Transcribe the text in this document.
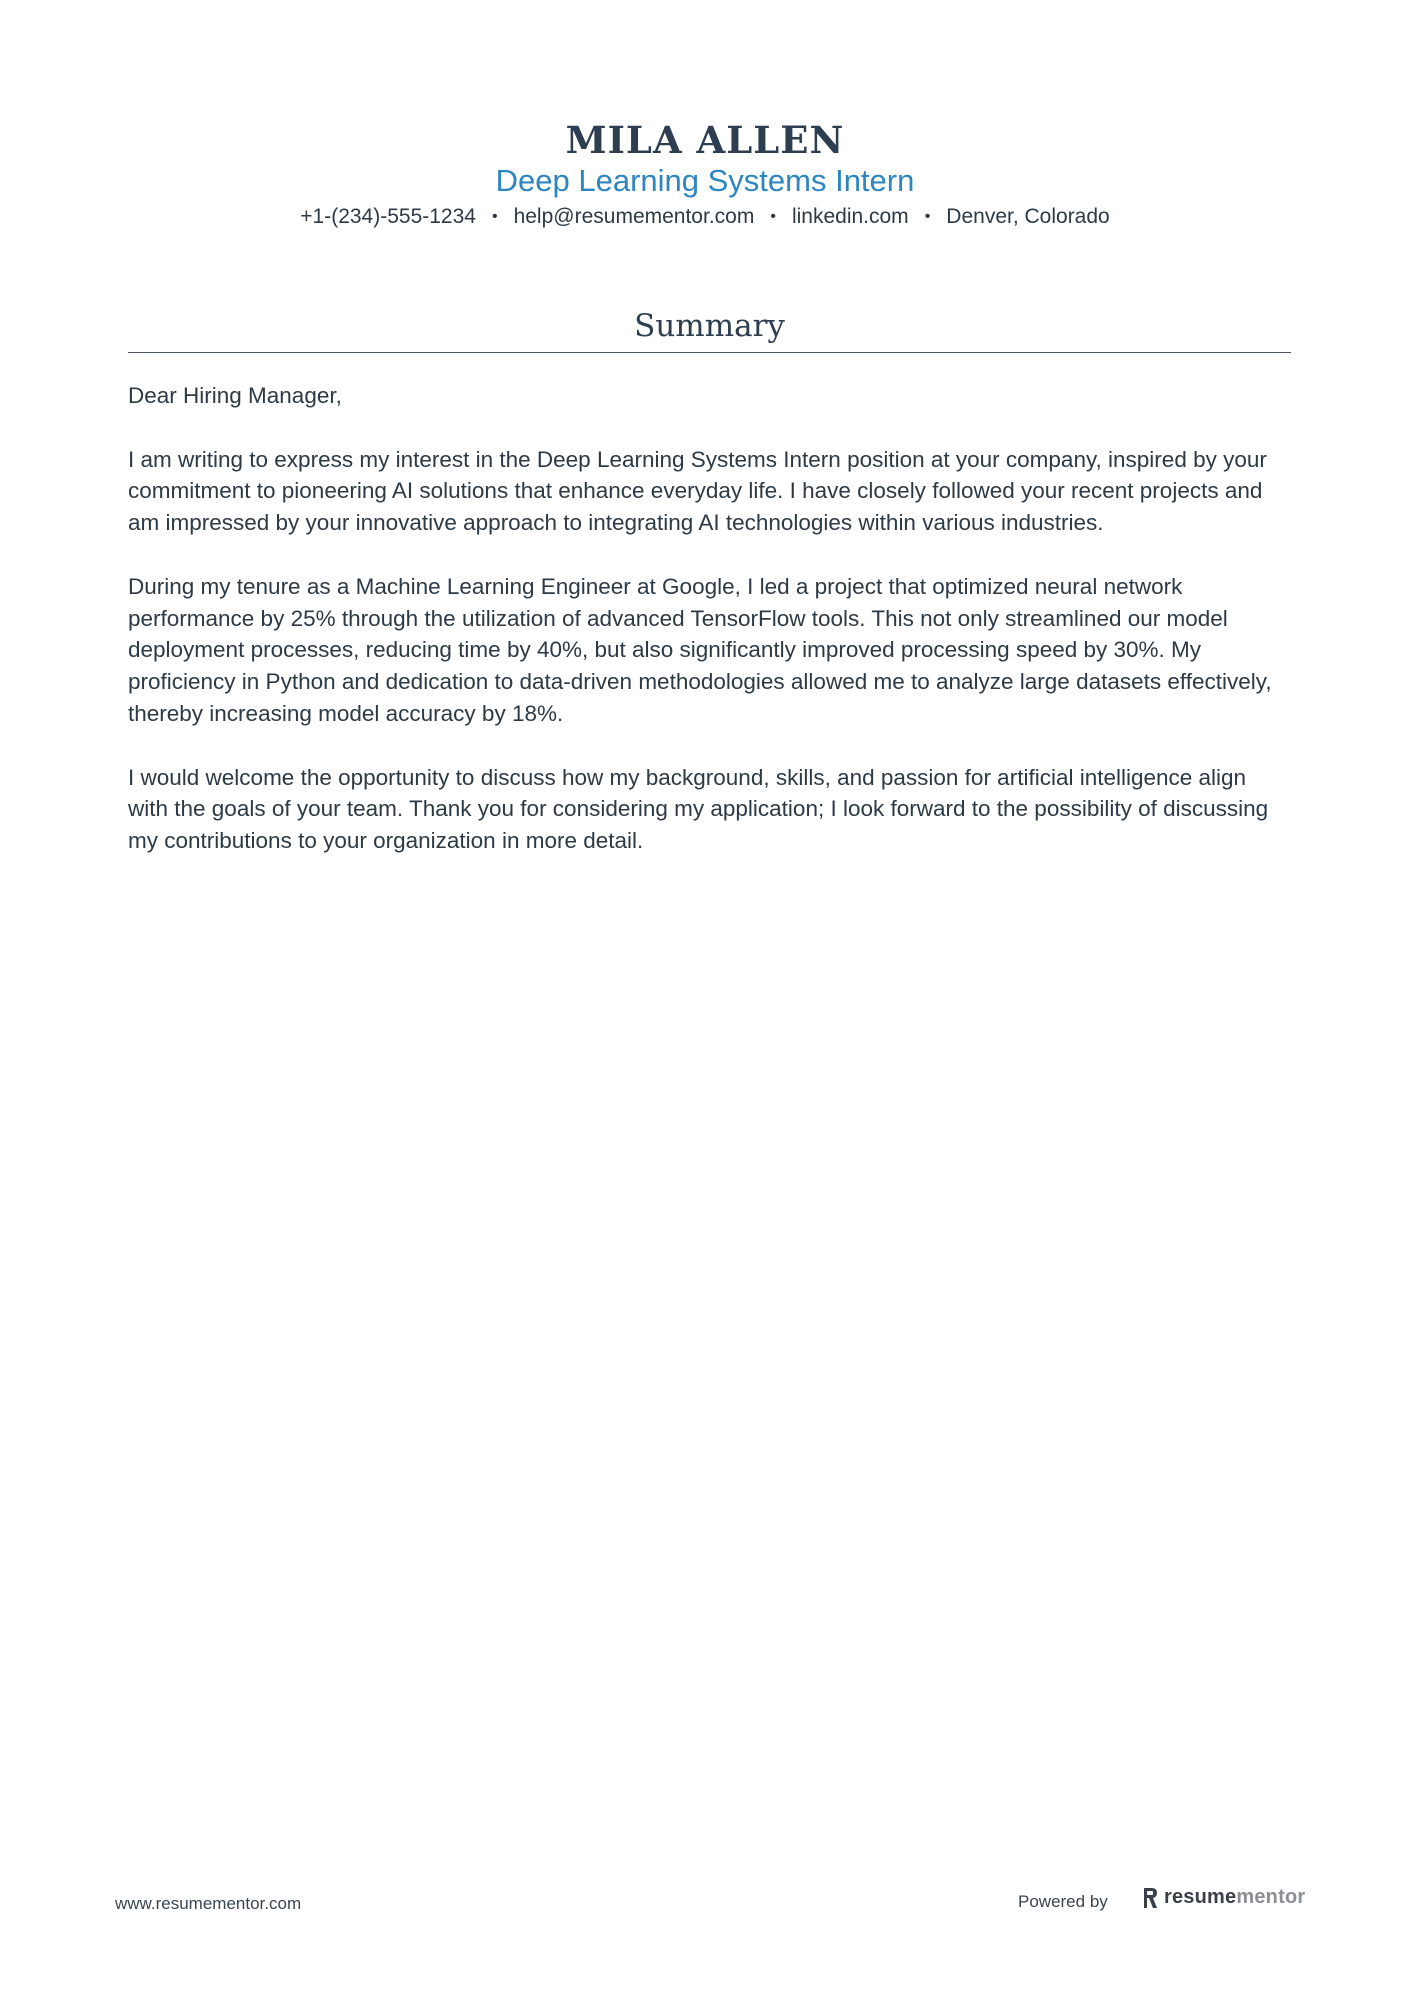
MILA ALLEN
Deep Learning Systems Intern
+1-(234)-555-1234 • help@resumementor.com • linkedin.com • Denver, Colorado
Summary

Dear Hiring Manager,

I am writing to express my interest in the Deep Learning Systems Intern position at your company, inspired by your commitment to pioneering AI solutions that enhance everyday life. I have closely followed your recent projects and am impressed by your innovative approach to integrating AI technologies within various industries.

During my tenure as a Machine Learning Engineer at Google, I led a project that optimized neural network performance by 25% through the utilization of advanced TensorFlow tools. This not only streamlined our model deployment processes, reducing time by 40%, but also significantly improved processing speed by 30%. My proficiency in Python and dedication to data-driven methodologies allowed me to analyze large datasets effectively, thereby increasing model accuracy by 18%.

I would welcome the opportunity to discuss how my background, skills, and passion for artificial intelligence align with the goals of your team. Thank you for considering my application; I look forward to the possibility of discussing my contributions to your organization in more detail.

www.resumementor.com	Powered by	resumementor
